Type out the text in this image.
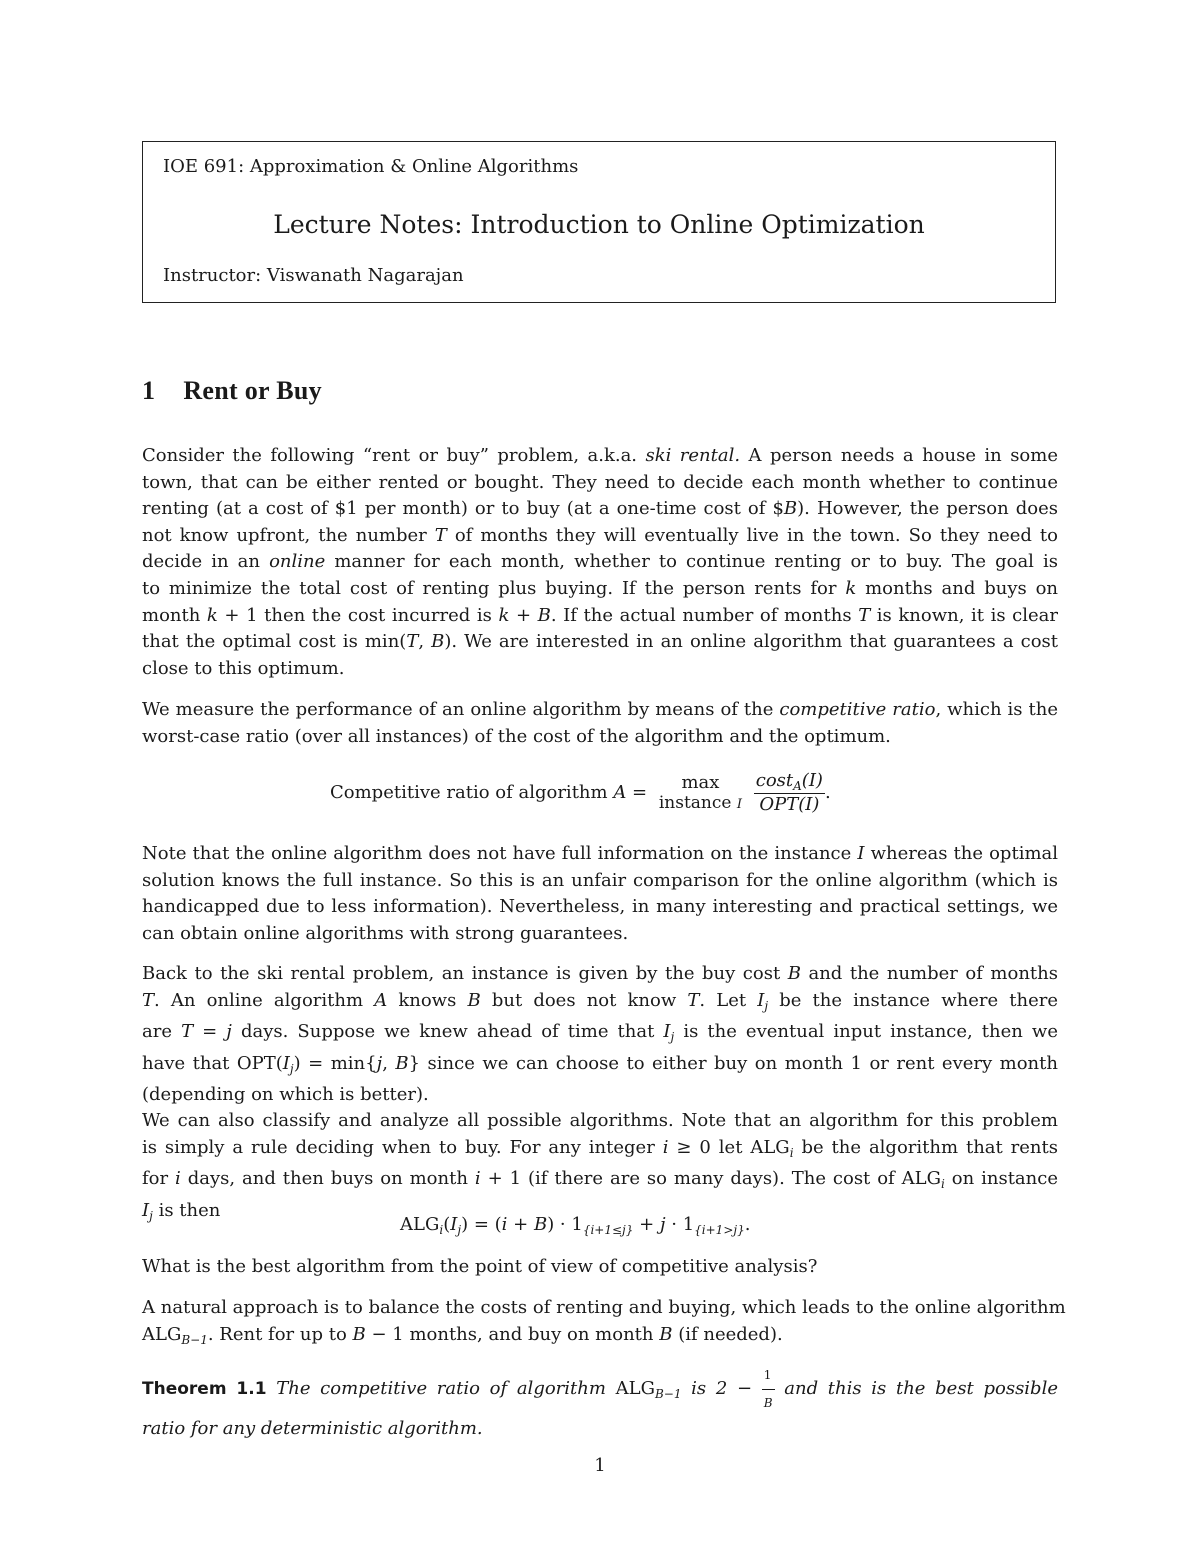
IOE 691: Approximation & Online Algorithms
Lecture Notes: Introduction to Online Optimization
Instructor: Viswanath Nagarajan
1 Rent or Buy
Consider the following “rent or buy” problem, a.k.a. ski rental. A person needs a house in some
town, that can be either rented or bought. They need to decide each month whether to continue
renting (at a cost of $1 per month) or to buy (at a one-time cost of $B). However, the person does
not know upfront, the number T of months they will eventually live in the town. So they need to
decide in an online manner for each month, whether to continue renting or to buy. The goal is
to minimize the total cost of renting plus buying. If the person rents for k months and buys on
month k + 1 then the cost incurred is k + B. If the actual number of months T is known, it is clear
that the optimal cost is min(T, B). We are interested in an online algorithm that guarantees a cost
close to this optimum.
We measure the performance of an online algorithm by means of the competitive ratio, which is the
worst-case ratio (over all instances) of the cost of the algorithm and the optimum.
Competitive ratio of algorithm A =	max
instance I
$\frac{\cos t_A(I)}{\text{OPT(I)}}$ .
Note that the online algorithm does not have full information on the instance I whereas the optimal
solution knows the full instance. So this is an unfair comparison for the online algorithm (which is
handicapped due to less information). Nevertheless, in many interesting and practical settings, we
can obtain online algorithms with strong guarantees.
Back to the ski rental problem, an instance is given by the buy cost B and the number of months
T. An online algorithm A knows B but does not know T. Let $I_j$ be the instance where there
are T = j days. Suppose we knew ahead of time that $I_j$ is the eventual input instance, then we
have that $OPT(I_j) = \min\{j$, B} since we can choose to either buy on month 1 or rent every month
(depending on which is better).
We can also classify and analyze all possible algorithms. Note that an algorithm for this problem
is simply a rule deciding when to buy. For any integer i ≥ 0 let $ALG_i$ be the algorithm that rents
for i days, and then buys on month i + 1 (if there are so many days). The cost of $ALG_i$ on instance
$I_j$ is then
$ALG_i(I_j) = (i + B) \cdot 1_{\{i+1\le j\}} + j \cdot 1_{\{i+1>j\}}$.
What is the best algorithm from the point of view of competitive analysis?
A natural approach is to balance the costs of renting and buying, which leads to the online algorithm
$ALG_{B-1}$. Rent for up to B − 1 months, and buy on month B (if needed).
Theorem 1.1 The competitive ratio of algorithm $ALG_{B-1}$ is $2 - \frac{1}{B}$ and this is the best possible
ratio for any deterministic algorithm.
1
